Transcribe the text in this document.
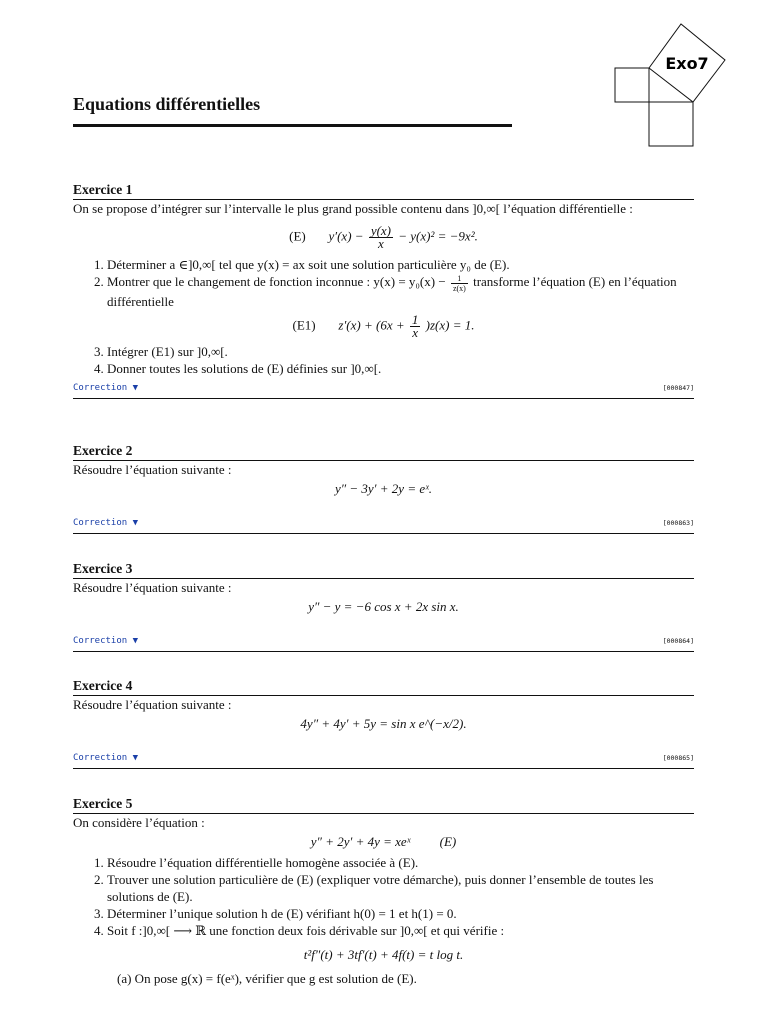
Exo7
Equations différentielles
Exercice 1

On se propose d’intégrer sur l’intervalle le plus grand possible contenu dans ]0,∞[ l’équation différentielle :

(E) $y'(x) - \frac{y(x)}{x} - y(x)^2 = -9x^2$.
1. Déterminer a ∈]0,∞[ tel que y(x) = ax soit une solution particulière y₀ de (E).
2. Montrer que le changement de fonction inconnue : $y(x) = y_0(x) - \frac{1}{z(x)}$ transforme l’équation (E) en l’équation différentielle
(E1) $z'(x) + (6x + \frac{1}{x} )z(x) = 1$.
3. Intégrer (E1) sur ]0,∞[.
4. Donner toutes les solutions de (E) définies sur ]0,∞[.
Correction ▼	[000847]
Exercice 2

Résoudre l’équation suivante :

y″ − 3y′ + 2y = eˣ.
Correction ▼	[000863]
Exercice 3

Résoudre l’équation suivante :

y″ − y = −6 cos x + 2x sin x.
Correction ▼	[000864]
Exercice 4

Résoudre l’équation suivante :

4y″ + 4y′ + 5y = sin x e^(−x/2).
Correction ▼	[000865]
Exercice 5

On considère l’équation :

y″ + 2y′ + 4y = xeˣ (E)
1. Résoudre l’équation différentielle homogène associée à (E).
2. Trouver une solution particulière de (E) (expliquer votre démarche), puis donner l’ensemble de toutes les solutions de (E).
3. Déterminer l’unique solution h de (E) vérifiant h(0) = 1 et h(1) = 0.
4. Soit f :]0,∞[ ⟶ ℝ une fonction deux fois dérivable sur ]0,∞[ et qui vérifie :
t²f″(t) + 3tf′(t) + 4f(t) = t log t.
(a) On pose g(x) = f(eˣ), vérifier que g est solution de (E).
